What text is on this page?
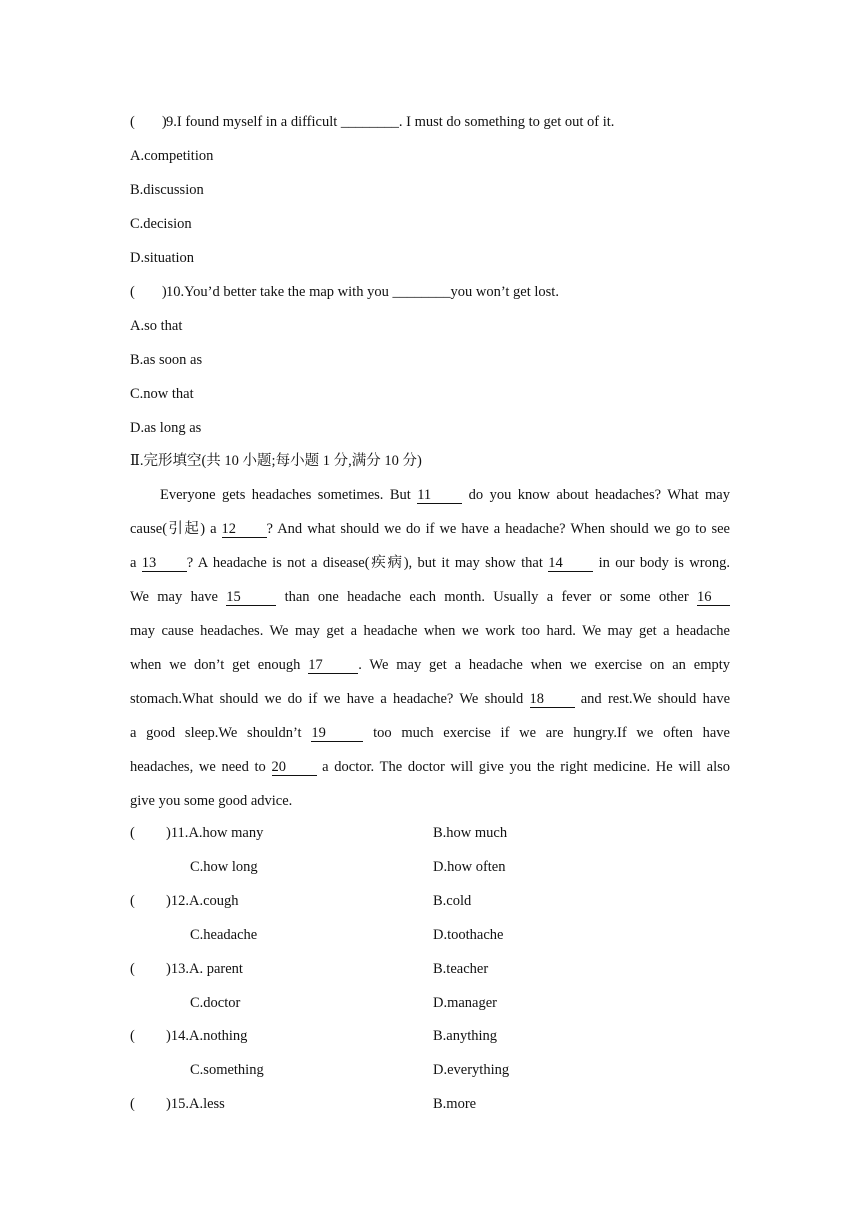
( )9.I found myself in a difficult ________. I must do something to get out of it.
A.competition
B.discussion
C.decision
D.situation
( )10.You’d better take the map with you ________you won’t get lost.
A.so that
B.as soon as
C.now that
D.as long as
Ⅱ.完形填空(共 10 小题;每小题 1 分,满分 10 分)
Everyone gets headaches sometimes. But 11 do you know about headaches? What may
cause(引起) a 12 ? And what should we do if we have a headache? When should we go to see
a 13 ? A headache is not a disease(疾病), but it may show that 14 in our body is wrong.
We may have 15 than one headache each month. Usually a fever or some other 16
may cause headaches. We may get a headache when we work too hard. We may get a headache
when we don’t get enough 17 . We may get a headache when we exercise on an empty
stomach.What should we do if we have a headache? We should 18 and rest.We should have
a good sleep.We shouldn’t 19	too much exercise if we are hungry.If we often have
headaches, we need to 20 a doctor. The doctor will give you the right medicine. He will also
give you some good advice.
( )11.A.how many	B.how much
C.how long	D.how often
( )12.A.cough	B.cold
C.headache	D.toothache
( )13.A. parent	B.teacher
C.doctor	D.manager
( )14.A.nothing	B.anything
C.something	D.everything
( )15.A.less	B.more
